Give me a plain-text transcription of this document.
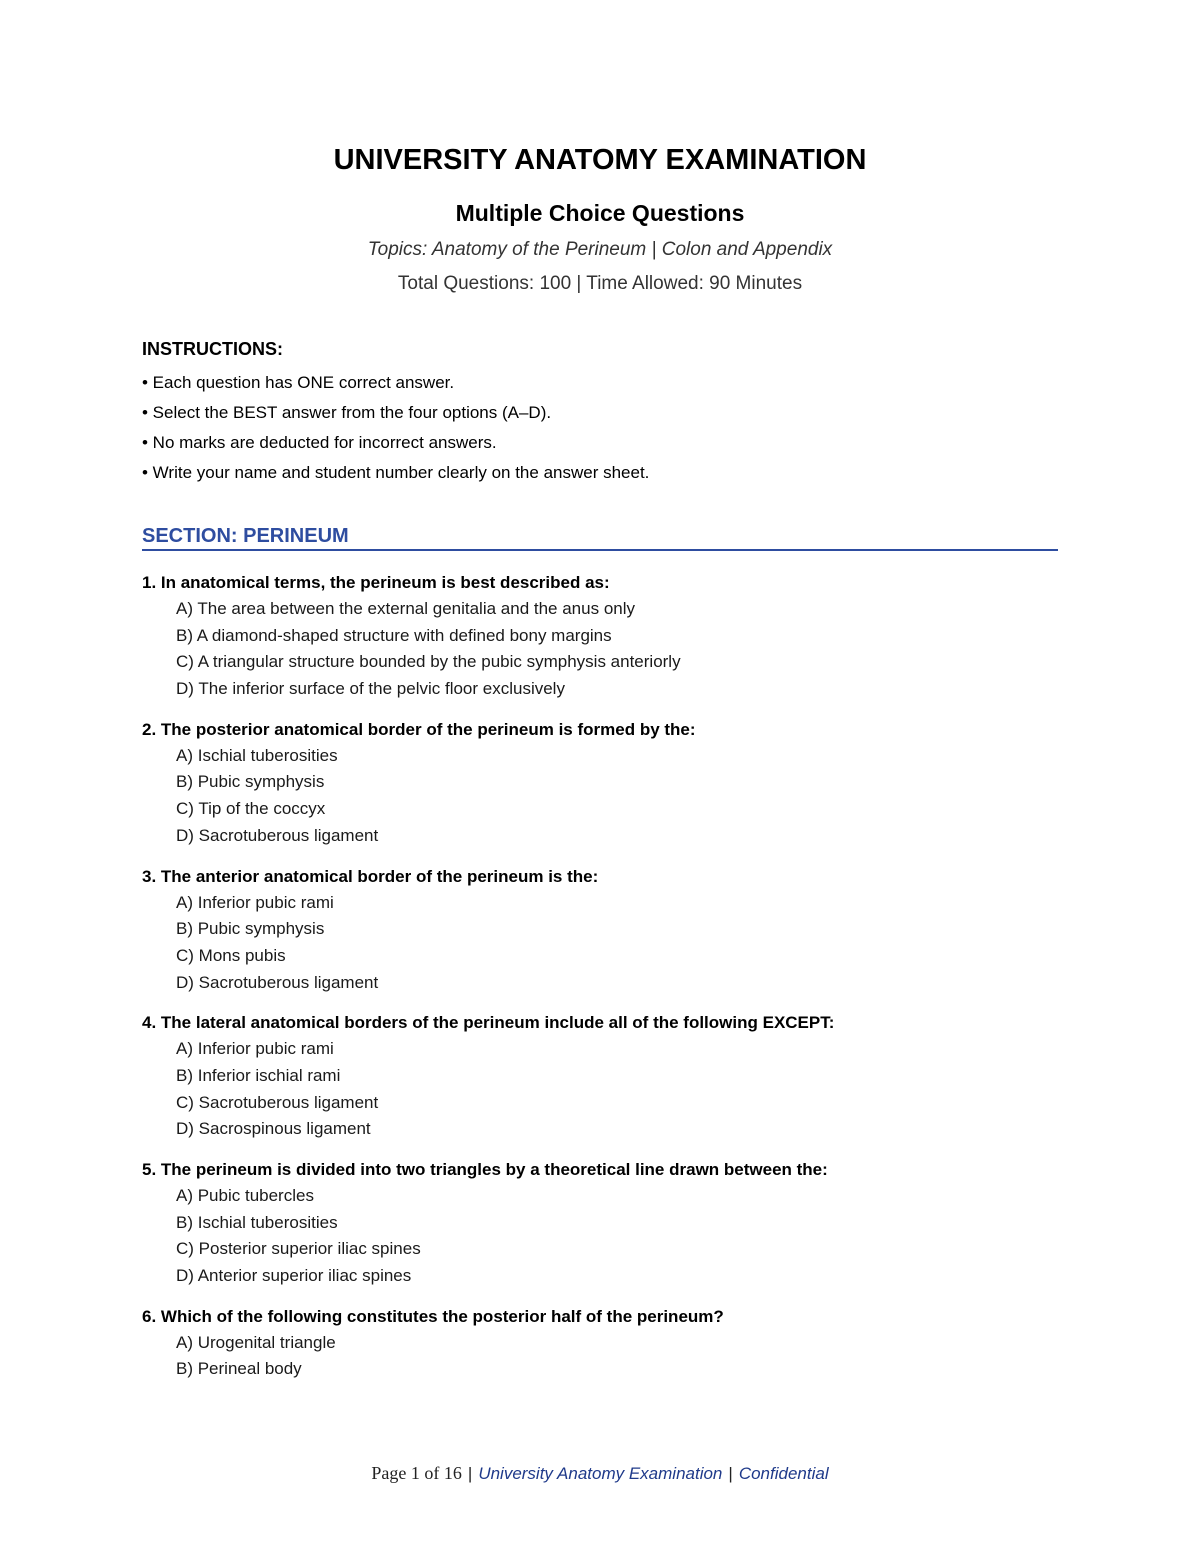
UNIVERSITY ANATOMY EXAMINATION
Multiple Choice Questions
Topics: Anatomy of the Perineum | Colon and Appendix
Total Questions: 100 | Time Allowed: 90 Minutes
INSTRUCTIONS:
• Each question has ONE correct answer.
• Select the BEST answer from the four options (A–D).
• No marks are deducted for incorrect answers.
• Write your name and student number clearly on the answer sheet.
SECTION: PERINEUM

1. In anatomical terms, the perineum is best described as:

A) The area between the external genitalia and the anus only
B) A diamond-shaped structure with defined bony margins
C) A triangular structure bounded by the pubic symphysis anteriorly
D) The inferior surface of the pelvic floor exclusively

2. The posterior anatomical border of the perineum is formed by the:

A) Ischial tuberosities
B) Pubic symphysis
C) Tip of the coccyx
D) Sacrotuberous ligament

3. The anterior anatomical border of the perineum is the:

A) Inferior pubic rami
B) Pubic symphysis
C) Mons pubis
D) Sacrotuberous ligament

4. The lateral anatomical borders of the perineum include all of the following EXCEPT:

A) Inferior pubic rami
B) Inferior ischial rami
C) Sacrotuberous ligament
D) Sacrospinous ligament

5. The perineum is divided into two triangles by a theoretical line drawn between the:

A) Pubic tubercles
B) Ischial tuberosities
C) Posterior superior iliac spines
D) Anterior superior iliac spines

6. Which of the following constitutes the posterior half of the perineum?

A) Urogenital triangle
B) Perineal body
Page 1 of 16 | University Anatomy Examination | Confidential
